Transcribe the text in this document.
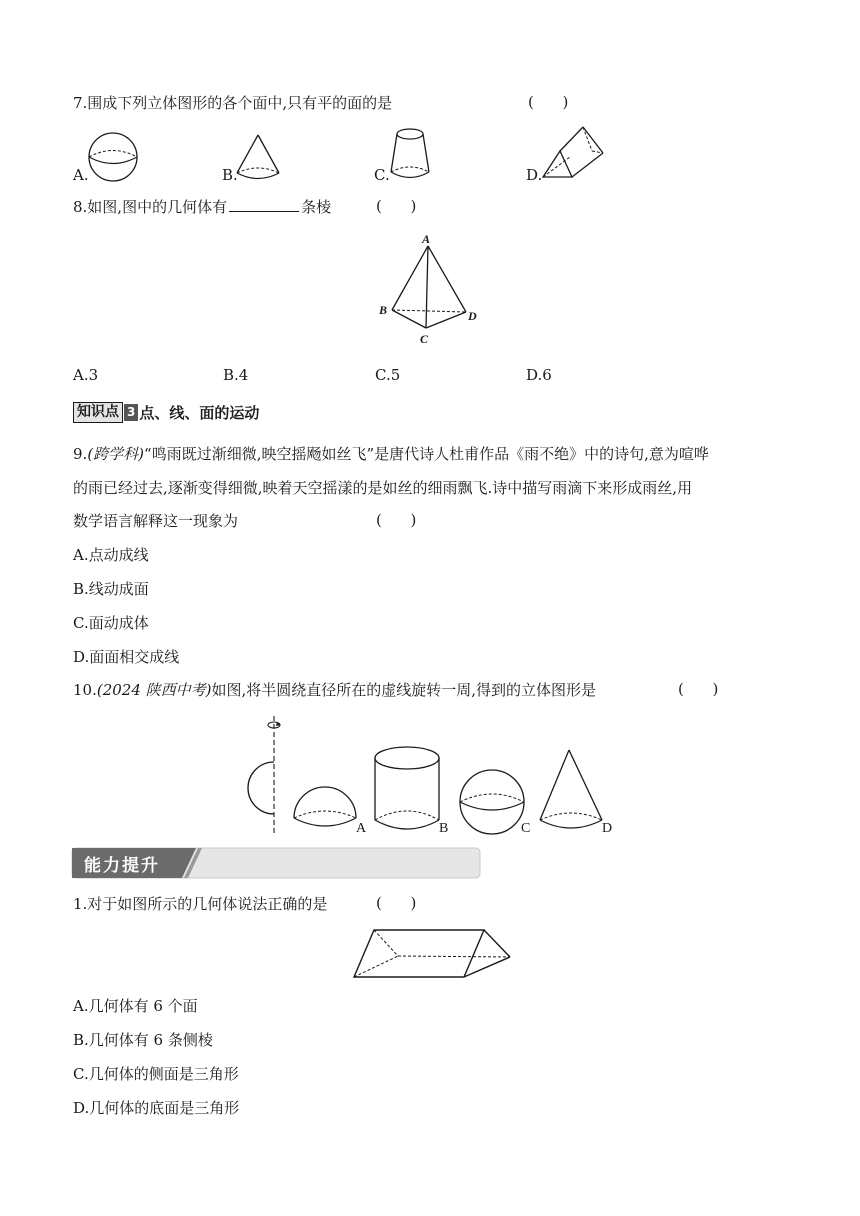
7.围成下列立体图形的各个面中,只有平的面的是	(      )
A.	B.	C.	D.
8.如图,图中的几何体有	条棱	(      )
A
B
C
D
A.3	B.4	C.5	D.6
知识点 3 点、线、面的运动
9.(跨学科)“鸣雨既过渐细微,映空摇飏如丝飞”是唐代诗人杜甫作品《雨不绝》中的诗句,意为喧哗
的雨已经过去,逐渐变得细微,映着天空摇漾的是如丝的细雨飘飞.诗中描写雨滴下来形成雨丝,用
数学语言解释这一现象为	(      )
A.点动成线
B.线动成面
C.面动成体
D.面面相交成线
10.(2024 陕西中考)如图,将半圆绕直径所在的虚线旋转一周,得到的立体图形是	(      )
A	B	C	D
能力提升
1.对于如图所示的几何体说法正确的是	(      )
A.几何体有 6 个面
B.几何体有 6 条侧棱
C.几何体的侧面是三角形
D.几何体的底面是三角形
